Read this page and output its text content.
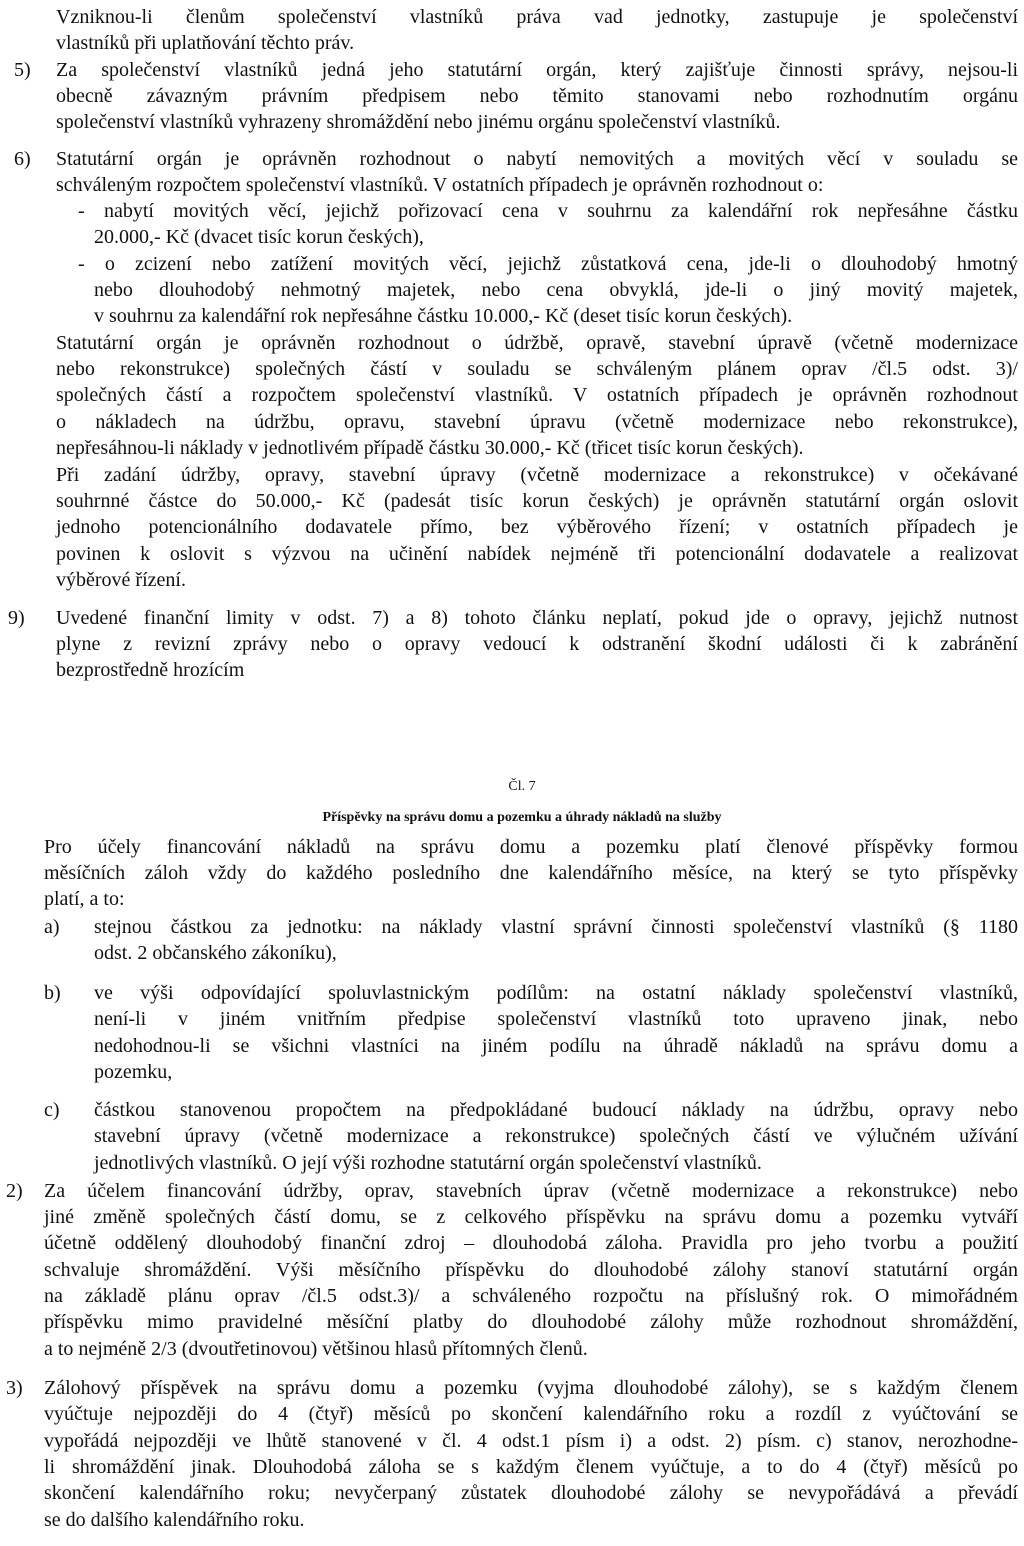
Vzniknou-li členům společenství vlastníků práva vad jednotky, zastupuje je společenství
vlastníků při uplatňování těchto práv.
5) Za společenství vlastníků jedná jeho statutární orgán, který zajišťuje činnosti správy, nejsou-li
obecně závazným právním předpisem nebo těmito stanovami nebo rozhodnutím orgánu
společenství vlastníků vyhrazeny shromáždění nebo jinému orgánu společenství vlastníků.
6) Statutární orgán je oprávněn rozhodnout o nabytí nemovitých a movitých věcí v souladu se
schváleným rozpočtem společenství vlastníků. V ostatních případech je oprávněn rozhodnout o:
- nabytí movitých věcí, jejichž pořizovací cena v souhrnu za kalendářní rok nepřesáhne částku
20.000,- Kč (dvacet tisíc korun českých),
- o zcizení nebo zatížení movitých věcí, jejichž zůstatková cena, jde-li o dlouhodobý hmotný
nebo dlouhodobý nehmotný majetek, nebo cena obvyklá, jde-li o jiný movitý majetek,
v souhrnu za kalendářní rok nepřesáhne částku 10.000,- Kč (deset tisíc korun českých).
Statutární orgán je oprávněn rozhodnout o údržbě, opravě, stavební úpravě (včetně modernizace
nebo rekonstrukce) společných částí v souladu se schváleným plánem oprav /čl.5 odst. 3)/
společných částí a rozpočtem společenství vlastníků. V ostatních případech je oprávněn rozhodnout
o nákladech na údržbu, opravu, stavební úpravu (včetně modernizace nebo rekonstrukce),
nepřesáhnou-li náklady v jednotlivém případě částku 30.000,- Kč (třicet tisíc korun českých).
Při zadání údržby, opravy, stavební úpravy (včetně modernizace a rekonstrukce) v očekávané
souhrnné částce do 50.000,- Kč (padesát tisíc korun českých) je oprávněn statutární orgán oslovit
jednoho potencionálního dodavatele přímo, bez výběrového řízení; v ostatních případech je
povinen k oslovit s výzvou na učinění nabídek nejméně tři potencionální dodavatele a realizovat
výběrové řízení.
9) Uvedené finanční limity v odst. 7) a 8) tohoto článku neplatí, pokud jde o opravy, jejichž nutnost
plyne z revizní zprávy nebo o opravy vedoucí k odstranění škodní události či k zabránění
bezprostředně hrozícím
Čl. 7
Příspěvky na správu domu a pozemku a úhrady nákladů na služby
Pro účely financování nákladů na správu domu a pozemku platí členové příspěvky formou
měsíčních záloh vždy do každého posledního dne kalendářního měsíce, na který se tyto příspěvky
platí, a to:
a) stejnou částkou za jednotku: na náklady vlastní správní činnosti společenství vlastníků (§ 1180
odst. 2 občanského zákoníku),
b) ve výši odpovídající spoluvlastnickým podílům: na ostatní náklady společenství vlastníků,
není-li v jiném vnitřním předpise společenství vlastníků toto upraveno jinak, nebo
nedohodnou-li se všichni vlastníci na jiném podílu na úhradě nákladů na správu domu a
pozemku,
c) částkou stanovenou propočtem na předpokládané budoucí náklady na údržbu, opravy nebo
stavební úpravy (včetně modernizace a rekonstrukce) společných částí ve výlučném užívání
jednotlivých vlastníků. O její výši rozhodne statutární orgán společenství vlastníků.
2) Za účelem financování údržby, oprav, stavebních úprav (včetně modernizace a rekonstrukce) nebo
jiné změně společných částí domu, se z celkového příspěvku na správu domu a pozemku vytváří
účetně oddělený dlouhodobý finanční zdroj – dlouhodobá záloha. Pravidla pro jeho tvorbu a použití
schvaluje shromáždění. Výši měsíčního příspěvku do dlouhodobé zálohy stanoví statutární orgán
na základě plánu oprav /čl.5 odst.3)/ a schváleného rozpočtu na příslušný rok. O mimořádném
příspěvku mimo pravidelné měsíční platby do dlouhodobé zálohy může rozhodnout shromáždění,
a to nejméně 2/3 (dvoutřetinovou) většinou hlasů přítomných členů.
3) Zálohový příspěvek na správu domu a pozemku (vyjma dlouhodobé zálohy), se s každým členem
vyúčtuje nejpozději do 4 (čtyř) měsíců po skončení kalendářního roku a rozdíl z vyúčtování se
vypořádá nejpozději ve lhůtě stanovené v čl. 4 odst.1 písm i) a odst. 2) písm. c) stanov, nerozhodne-
li shromáždění jinak. Dlouhodobá záloha se s každým členem vyúčtuje, a to do 4 (čtyř) měsíců po
skončení kalendářního roku; nevyčerpaný zůstatek dlouhodobé zálohy se nevypořádává a převádí
se do dalšího kalendářního roku.
